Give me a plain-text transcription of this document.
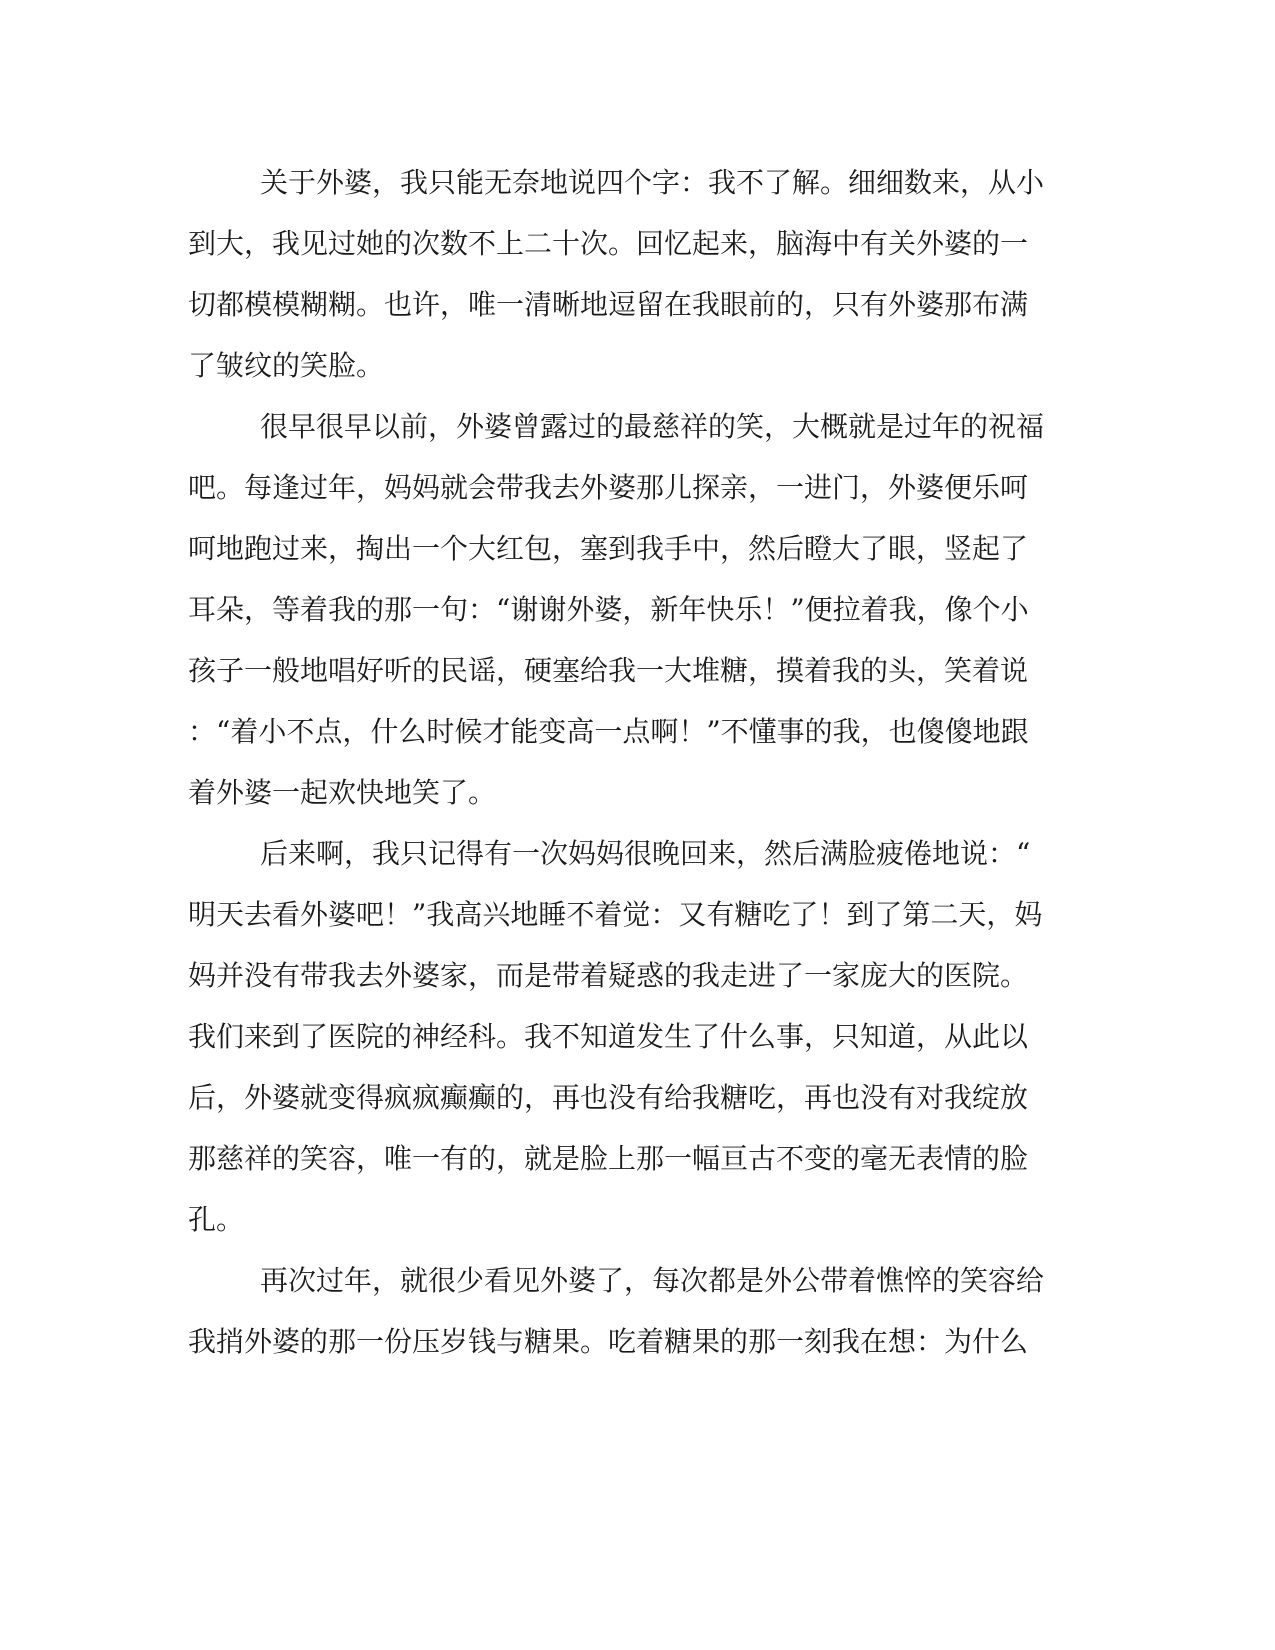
关于外婆，我只能无奈地说四个字：我不了解。细细数来，从小
到大，我见过她的次数不上二十次。回忆起来，脑海中有关外婆的一
切都模模糊糊。也许，唯一清晰地逗留在我眼前的，只有外婆那布满
了皱纹的笑脸。
很早很早以前，外婆曾露过的最慈祥的笑，大概就是过年的祝福
吧。每逢过年，妈妈就会带我去外婆那儿探亲，一进门，外婆便乐呵
呵地跑过来，掏出一个大红包，塞到我手中，然后瞪大了眼，竖起了
耳朵，等着我的那一句：“谢谢外婆，新年快乐！”便拉着我，像个小
孩子一般地唱好听的民谣，硬塞给我一大堆糖，摸着我的头，笑着说
：“着小不点，什么时候才能变高一点啊！”不懂事的我，也傻傻地跟
着外婆一起欢快地笑了。
后来啊，我只记得有一次妈妈很晚回来，然后满脸疲倦地说：“
明天去看外婆吧！”我高兴地睡不着觉：又有糖吃了！到了第二天，妈
妈并没有带我去外婆家，而是带着疑惑的我走进了一家庞大的医院。
我们来到了医院的神经科。我不知道发生了什么事，只知道，从此以
后，外婆就变得疯疯癫癫的，再也没有给我糖吃，再也没有对我绽放
那慈祥的笑容，唯一有的，就是脸上那一幅亘古不变的毫无表情的脸
孔。
再次过年，就很少看见外婆了，每次都是外公带着憔悴的笑容给
我捎外婆的那一份压岁钱与糖果。吃着糖果的那一刻我在想：为什么
